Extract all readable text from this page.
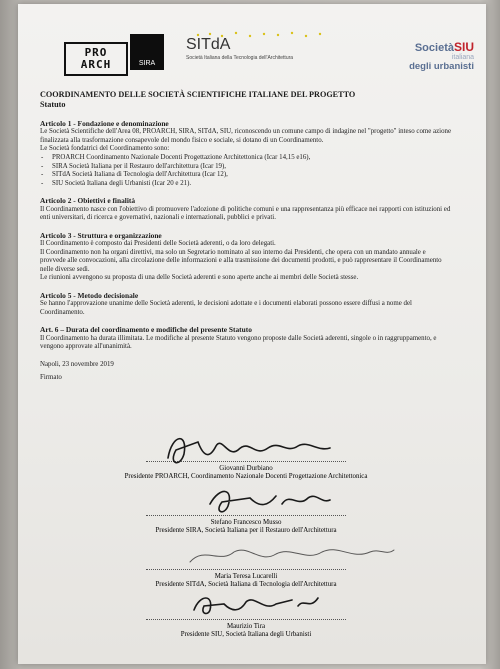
PRO
ARCH	SIRA
SITdA
Società Italiana della Tecnologia dell'Architettura
SocietàSIU
italiana
degli urbanisti
COORDINAMENTO DELLE SOCIETÀ SCIENTIFICHE ITALIANE DEL PROGETTO
Statuto
Articolo 1 - Fondazione e denominazione

Le Società Scientifiche dell'Area 08, PROARCH, SIRA, SITdA, SIU, riconoscendo un comune campo di indagine nel "progetto" inteso come azione finalizzata alla trasformazione consapevole del mondo fisico e sociale, si dotano di un Coordinamento.

Le Società fondatrici del Coordinamento sono:

- PROARCH Coordinamento Nazionale Docenti Progettazione Architettonica (Icar 14,15 e16),
- SIRA Società Italiana per il Restauro dell'architettura (Icar 19),
- SITdA Società Italiana di Tecnologia dell'Architettura (Icar 12),
- SIU Società Italiana degli Urbanisti (Icar 20 e 21).
Articolo 2 - Obiettivi e finalità

Il Coordinamento nasce con l'obiettivo di promuovere l'adozione di politiche comuni e una rappresentanza più efficace nei rapporti con istituzioni ed enti universitari, di ricerca e governativi, nazionali e internazionali, pubblici e privati.

Articolo 3 - Struttura e organizzazione

Il Coordinamento è composto dai Presidenti delle Società aderenti, o da loro delegati.

Il Coordinamento non ha organi direttivi, ma solo un Segretario nominato al suo interno dai Presidenti, che opera con un mandato annuale e provvede alle convocazioni, alla circolazione delle informazioni e alla trasmissione dei documenti prodotti, e può rappresentare il Coordinamento nelle diverse sedi.

Le riunioni avvengono su proposta di una delle Società aderenti e sono aperte anche ai membri delle Società stesse.

Articolo 5 - Metodo decisionale

Se hanno l'approvazione unanime delle Società aderenti, le decisioni adottate e i documenti elaborati possono essere diffusi a nome del Coordinamento.

Art. 6 – Durata del coordinamento e modifiche del presente Statuto

Il Coordinamento ha durata illimitata. Le modifiche al presente Statuto vengono proposte dalle Società aderenti, singole o in raggruppamento, e vengono approvate all'unanimità.

Napoli, 23 novembre 2019
Firmato
Giovanni Durbiano
Presidente PROARCH, Coordinamento Nazionale Docenti Progettazione Architettonica
Stefano Francesco Musso
Presidente SIRA, Società Italiana per il Restauro dell'Architettura
Maria Teresa Lucarelli
Presidente SITdA, Società Italiana di Tecnologia dell'Architettura
Maurizio Tira
Presidente SIU, Società Italiana degli Urbanisti
